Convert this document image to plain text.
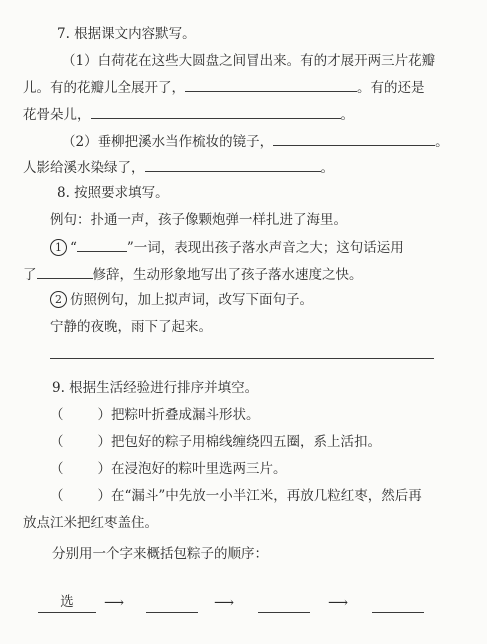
7. 根据课文内容默写。
（1）白荷花在这些大圆盘之间冒出来。有的才展开两三片花瓣
儿。有的花瓣儿全展开了，	。有的还是
花骨朵儿，	。
（2）垂柳把溪水当作梳妆的镜子，	。
人影给溪水染绿了，	。
8. 按照要求填写。
例句：扑通一声，孩子像颗炮弹一样扎进了海里。
1 “	”一词，表现出孩子落水声音之大；这句话运用
了	修辞，生动形象地写出了孩子落水速度之快。
2 仿照例句，加上拟声词，改写下面句子。
宁静的夜晚，雨下了起来。
9. 根据生活经验进行排序并填空。
（	）把粽叶折叠成漏斗形状。
（	）把包好的粽子用棉线缠绕四五圈，系上活扣。
（	）在浸泡好的粽叶里选两三片。
（	）在“漏斗”中先放一小半江米，再放几粒红枣，然后再
放点江米把红枣盖住。
分别用一个字来概括包粽子的顺序：
选	⟶	⟶	⟶
